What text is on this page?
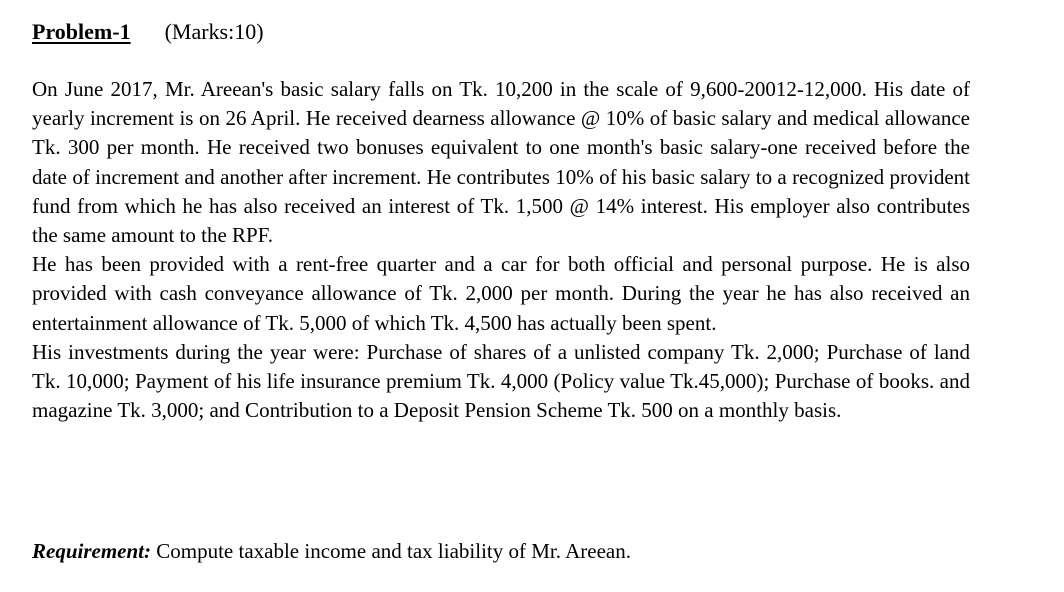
Problem-1 (Marks:10)

On June 2017, Mr. Areean's basic salary falls on Tk. 10,200 in the scale of 9,600-20012-12,000. His date of yearly increment is on 26 April. He received dearness allowance @ 10% of basic salary and medical allowance Tk. 300 per month. He received two bonuses equivalent to one month's basic salary-one received before the date of increment and another after increment. He contributes 10% of his basic salary to a recognized provident fund from which he has also received an interest of Tk. 1,500 @ 14% interest. His employer also contributes the same amount to the RPF.

He has been provided with a rent-free quarter and a car for both official and personal purpose. He is also provided with cash conveyance allowance of Tk. 2,000 per month. During the year he has also received an entertainment allowance of Tk. 5,000 of which Tk. 4,500 has actually been spent.

His investments during the year were: Purchase of shares of a unlisted company Tk. 2,000; Purchase of land Tk. 10,000; Payment of his life insurance premium Tk. 4,000 (Policy value Tk.45,000); Purchase of books. and magazine Tk. 3,000; and Contribution to a Deposit Pension Scheme Tk. 500 on a monthly basis.

Requirement: Compute taxable income and tax liability of Mr. Areean.
